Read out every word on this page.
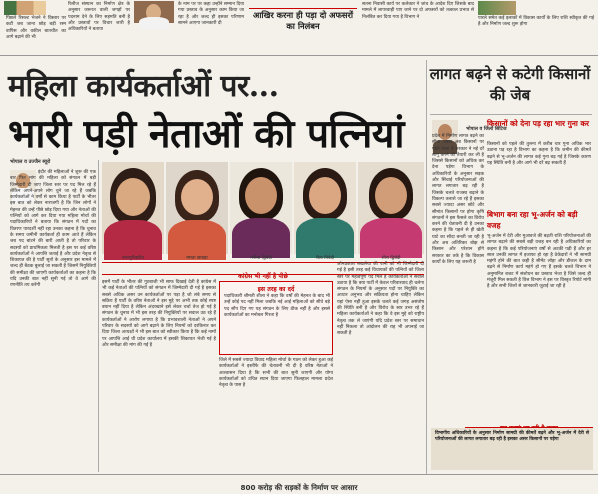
पिछले रिसल्ट भेजने ने विस्तार पर कटी जब जाना छोड़ बड़ी रस्म वापिस और वकील बातचीत का आगे बढ़ाने की भी

रिलीज संस्थान का निर्माण क्षेत्र के अनुसार जरूरत वाली जगहों पर पदनाम देने के लिए सहमति बनी है और प्रस्तावों पर विचार जारी है अधिकारियों ने बताया

के नाम पर पर कहा उन्होंने सम्मान दिया गया प्रस्ताव के अनुसार काम किया जा रहा है और जल्द ही इसका परिणाम सामने आएगा जानकारी दी

आखिर करना ही पड़ा दो अफसरों का निलंबन

सतना निवासी कार्य पर कलेक्टर ने जांच के आदेश दिए जिसके बाद मामले में लापरवाही पाए जाने पर दो अफसरों को तत्काल प्रभाव से निलंबित कर दिया गया है विभाग ने	पारले समेत कई इलाकों में विकास कार्यों के लिए राशि स्वीकृत की गई है और निर्माण जल्द शुरू होगा

महिला कार्यकर्ताओं पर...
भारी पड़ी नेताओं की पत्नियां
भोपाल व उज्जैन ब्यूरो

इंदौर की महिलाओं ने शुरू की एक बार फिर मांग की महिला को संगठन में बड़ी जिम्मेदारी दी जाए जिला स्तर पर पद मिल रहे हैं लेकिन अपने-अपने लोग चुने जा रहे हैं जबकि कार्यकर्ताओं ने वर्षों से काम किया है पार्टी के भीतर इस बात को लेकर नाराजगी है कि जिन लोगों ने मेहनत की उन्हें पीछे छोड़ दिया गया और नेताओं की पत्नियों को आगे कर दिया गया महिला मोर्चा की पदाधिकारियों ने बताया कि संगठन में पदों का वितरण पारदर्शी नहीं रहा उनका कहना है कि चुनाव के समय जमीनी कार्यकर्ता ही काम आते हैं लेकिन जब पद बांटने की बारी आती है तो परिवार के सदस्यों को प्राथमिकता मिलती है इस पर कई वरिष्ठ कार्यकर्ताओं ने आपत्ति जताई है और प्रदेश नेतृत्व से शिकायत की है पार्टी सूत्रों के अनुसार इस मामले में जल्द ही बैठक बुलाई जा सकती है जिसमें नियुक्तियों की समीक्षा की जाएगी कार्यकर्ताओं का कहना है कि यदि उनकी बात नहीं सुनी गई तो वे आगे की रणनीति तय करेंगी

नगरपुरीकरित	ममता छाबड़ा	मनीषा द्विवेदी	रीता त्रिवेदी	शीरा द्विबेदी
कांग्रेस भी नहीं है पीछे

इसमें पार्टी के भीतर की गुटबाजी भी साफ दिखाई देती है कांग्रेस में भी कई नेताओं की पत्नियों को संगठन में जिम्मेदारी दी गई है इसका सबसे अधिक असर उन कार्यकर्ताओं पर पड़ा है जो लंबे समय से सक्रिय हैं पार्टी के वरिष्ठ नेताओं ने इस मुद्दे पर अभी तक कोई स्पष्ट बयान नहीं दिया है लेकिन अंदरखाने इसे लेकर चर्चा तेज हो गई है संगठन के चुनाव में भी इस तरह की नियुक्तियों पर सवाल उठ रहे हैं कार्यकर्ताओं ने आरोप लगाया है कि प्रभावशाली नेताओं ने अपने परिवार के सदस्यों को आगे बढ़ाने के लिए नियमों को दरकिनार कर दिया जिला अध्यक्षों ने भी इस बात को स्वीकार किया है कि कई नामों पर आपत्ति आई थी प्रदेश कार्यालय में इसकी शिकायत भेजी गई है और समीक्षा की मांग की गई है

इस तरह का दर्द

पदाधिकारी श्रीमती शीला ने कहा कि वर्षों की मेहनत के बाद भी उन्हें कोई पद नहीं मिला जबकि नई आई महिलाओं को सीधे बड़े पद सौंप दिए गए यह संगठन के लिए ठीक नहीं है और इससे कार्यकर्ताओं का मनोबल गिरता है

जिले में सबसे ज्यादा विवाद महिला मोर्चा के गठन को लेकर हुआ कई कार्यकर्ताओं ने इस्तीफे की चेतावनी भी दी है वरिष्ठ नेताओं ने आश्वासन दिया है कि सभी की बात सुनी जाएगी और योग्य कार्यकर्ताओं को उचित स्थान दिया जाएगा फिलहाल मामला प्रदेश नेतृत्व के पास है

ओमप्रकाश सखलेचा की पत्नी को भी जिम्मेदारी दी गई है इसी तरह कई विधायकों की पत्नियों को जिला स्तर पर महत्वपूर्ण पद मिले हैं कार्यकर्ताओं ने सवाल उठाया है कि क्या पार्टी में केवल परिवारवाद ही चलेगा संगठन के नियमों के अनुसार पदों पर नियुक्ति का आधार अनुभव और सक्रियता होना चाहिए लेकिन यहां ऐसा नहीं हुआ इसके चलते कई जगह असंतोष की स्थिति बनी है और विरोध के स्वर उभर रहे हैं महिला कार्यकर्ताओं ने कहा कि वे इस मुद्दे को राष्ट्रीय नेतृत्व तक ले जाएंगी यदि प्रदेश स्तर पर समाधान नहीं निकला तो आंदोलन की राह भी अपनाई जा सकती है

लागत बढ़ने से कटेगी किसानों की जेब
भोपाल व जिलों सिटिज

प्रदेश में निर्माण लागत बढ़ने का सीधा असर अब किसानों पर पड़ने वाला है सरकार ने नई दरें लागू करने की तैयारी कर ली है जिससे किसानों को अधिक कर देना पड़ेगा विभाग के अधिकारियों के अनुसार सड़क और सिंचाई परियोजनाओं की लागत लगातार बढ़ रही है जिसके चलते राजस्व बढ़ाने के विकल्प तलाशे जा रहे हैं इसका सबसे ज्यादा असर छोटे और सीमांत किसानों पर होगा कृषि संगठनों ने इस फैसले का विरोध करने की चेतावनी दी है उनका कहना है कि पहले से ही खेती घाटे का सौदा बनती जा रही है और अब अतिरिक्त बोझ से किसान और परेशान होंगे सरकार का तर्क है कि विकास कार्यों के लिए यह जरूरी है

किसानों को देना पड़ रहा भार गुना कर

किसानों को पहले की तुलना में करीब चार गुना अधिक भार उठाना पड़ रहा है विभाग का कहना है कि जमीन की कीमतें बढ़ने से भू-अर्जन की लागत कई गुना बढ़ गई है जिसके कारण यह स्थिति बनी है और आगे भी दरें बढ़ सकती हैं

बिभाग बना रहा भू-अर्जन को बड़ी वजह

भू-अर्जन में देरी और मुआवजे की बढ़ती राशि परियोजनाओं की लागत बढ़ाने की सबसे बड़ी वजह बन रही है अधिकारियों का कहना है कि कई परियोजनाएं वर्षों से अटकी पड़ी हैं और हर साल उनकी लागत में इजाफा हो रहा है ठेकेदारों ने भी सामग्री महंगी होने की बात कही है सीमेंट लोहा और डीजल के दाम बढ़ने से निर्माण कार्य महंगे हो गए हैं इसके चलते विभाग ने अनुमानित बजट में संशोधन का प्रस्ताव भेजा है जिसे जल्द ही मंजूरी मिल सकती है वित्त विभाग ने इस पर विस्तृत रिपोर्ट मांगी है और सभी जिलों से जानकारी जुटाई जा रही है

विभागीय अधिकारियों के अनुसार निर्माण सामग्री की कीमतें बढ़ने और भू-अर्जन में देरी से परियोजनाओं की लागत लगातार बढ़ रही है इसका असर किसानों पर पड़ेगा

800 करोड़ की सड़कों के निर्माण पर आसार
